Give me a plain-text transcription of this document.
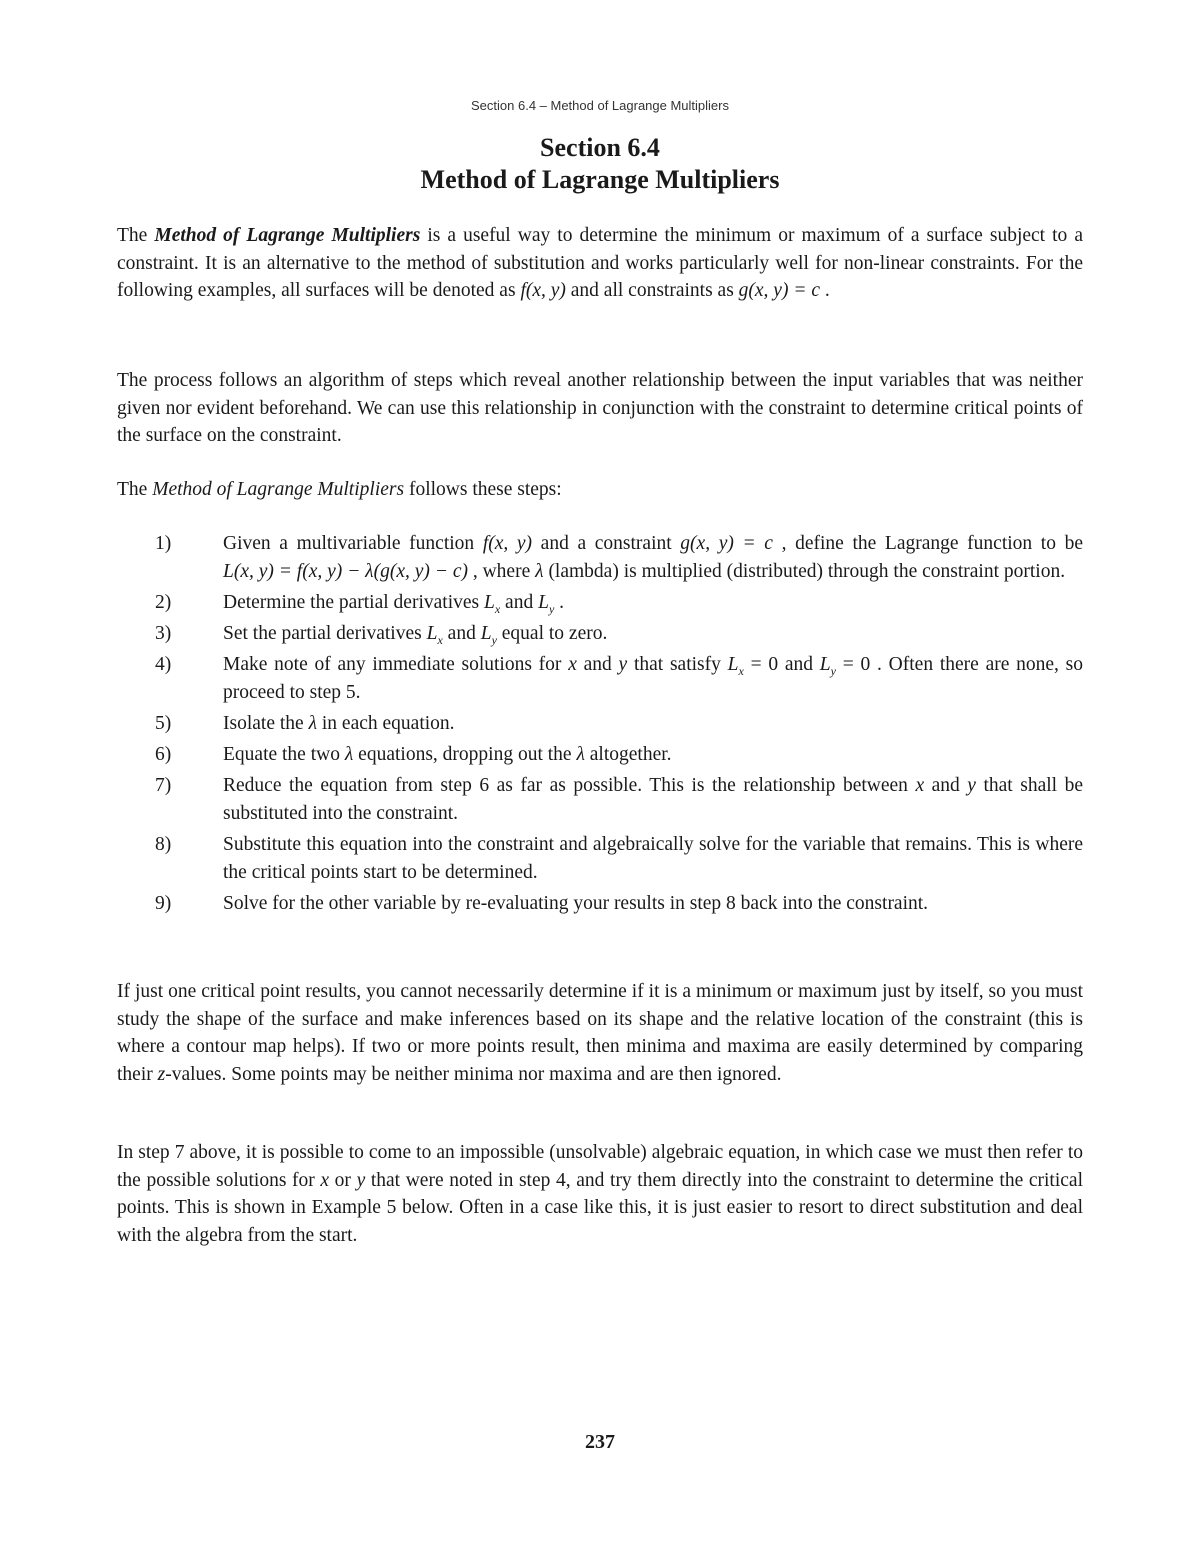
Section 6.4 – Method of Lagrange Multipliers
Section 6.4
Method of Lagrange Multipliers
The Method of Lagrange Multipliers is a useful way to determine the minimum or maximum of a surface subject to a constraint. It is an alternative to the method of substitution and works particularly well for non-linear constraints. For the following examples, all surfaces will be denoted as f(x, y) and all constraints as g(x, y) = c .
The process follows an algorithm of steps which reveal another relationship between the input variables that was neither given nor evident beforehand. We can use this relationship in conjunction with the constraint to determine critical points of the surface on the constraint.
The Method of Lagrange Multipliers follows these steps:
1)	Given a multivariable function f(x, y) and a constraint g(x, y) = c , define the Lagrange function to be L(x, y) = f(x, y) − λ(g(x, y) − c) , where λ (lambda) is multiplied (distributed) through the constraint portion.
2)	Determine the partial derivatives $L_x$ and $L_y$ .
3)	Set the partial derivatives $L_x$ and $L_y$ equal to zero.
4)	Make note of any immediate solutions for x and y that satisfy $L_x = 0$ and $L_y = 0$ . Often there are none, so proceed to step 5.
5)	Isolate the λ in each equation.
6)	Equate the two λ equations, dropping out the λ altogether.
7)	Reduce the equation from step 6 as far as possible. This is the relationship between x and y that shall be substituted into the constraint.
8)	Substitute this equation into the constraint and algebraically solve for the variable that remains. This is where the critical points start to be determined.
9)	Solve for the other variable by re-evaluating your results in step 8 back into the constraint.
If just one critical point results, you cannot necessarily determine if it is a minimum or maximum just by itself, so you must study the shape of the surface and make inferences based on its shape and the relative location of the constraint (this is where a contour map helps). If two or more points result, then minima and maxima are easily determined by comparing their z-values. Some points may be neither minima nor maxima and are then ignored.
In step 7 above, it is possible to come to an impossible (unsolvable) algebraic equation, in which case we must then refer to the possible solutions for x or y that were noted in step 4, and try them directly into the constraint to determine the critical points. This is shown in Example 5 below. Often in a case like this, it is just easier to resort to direct substitution and deal with the algebra from the start.
237
